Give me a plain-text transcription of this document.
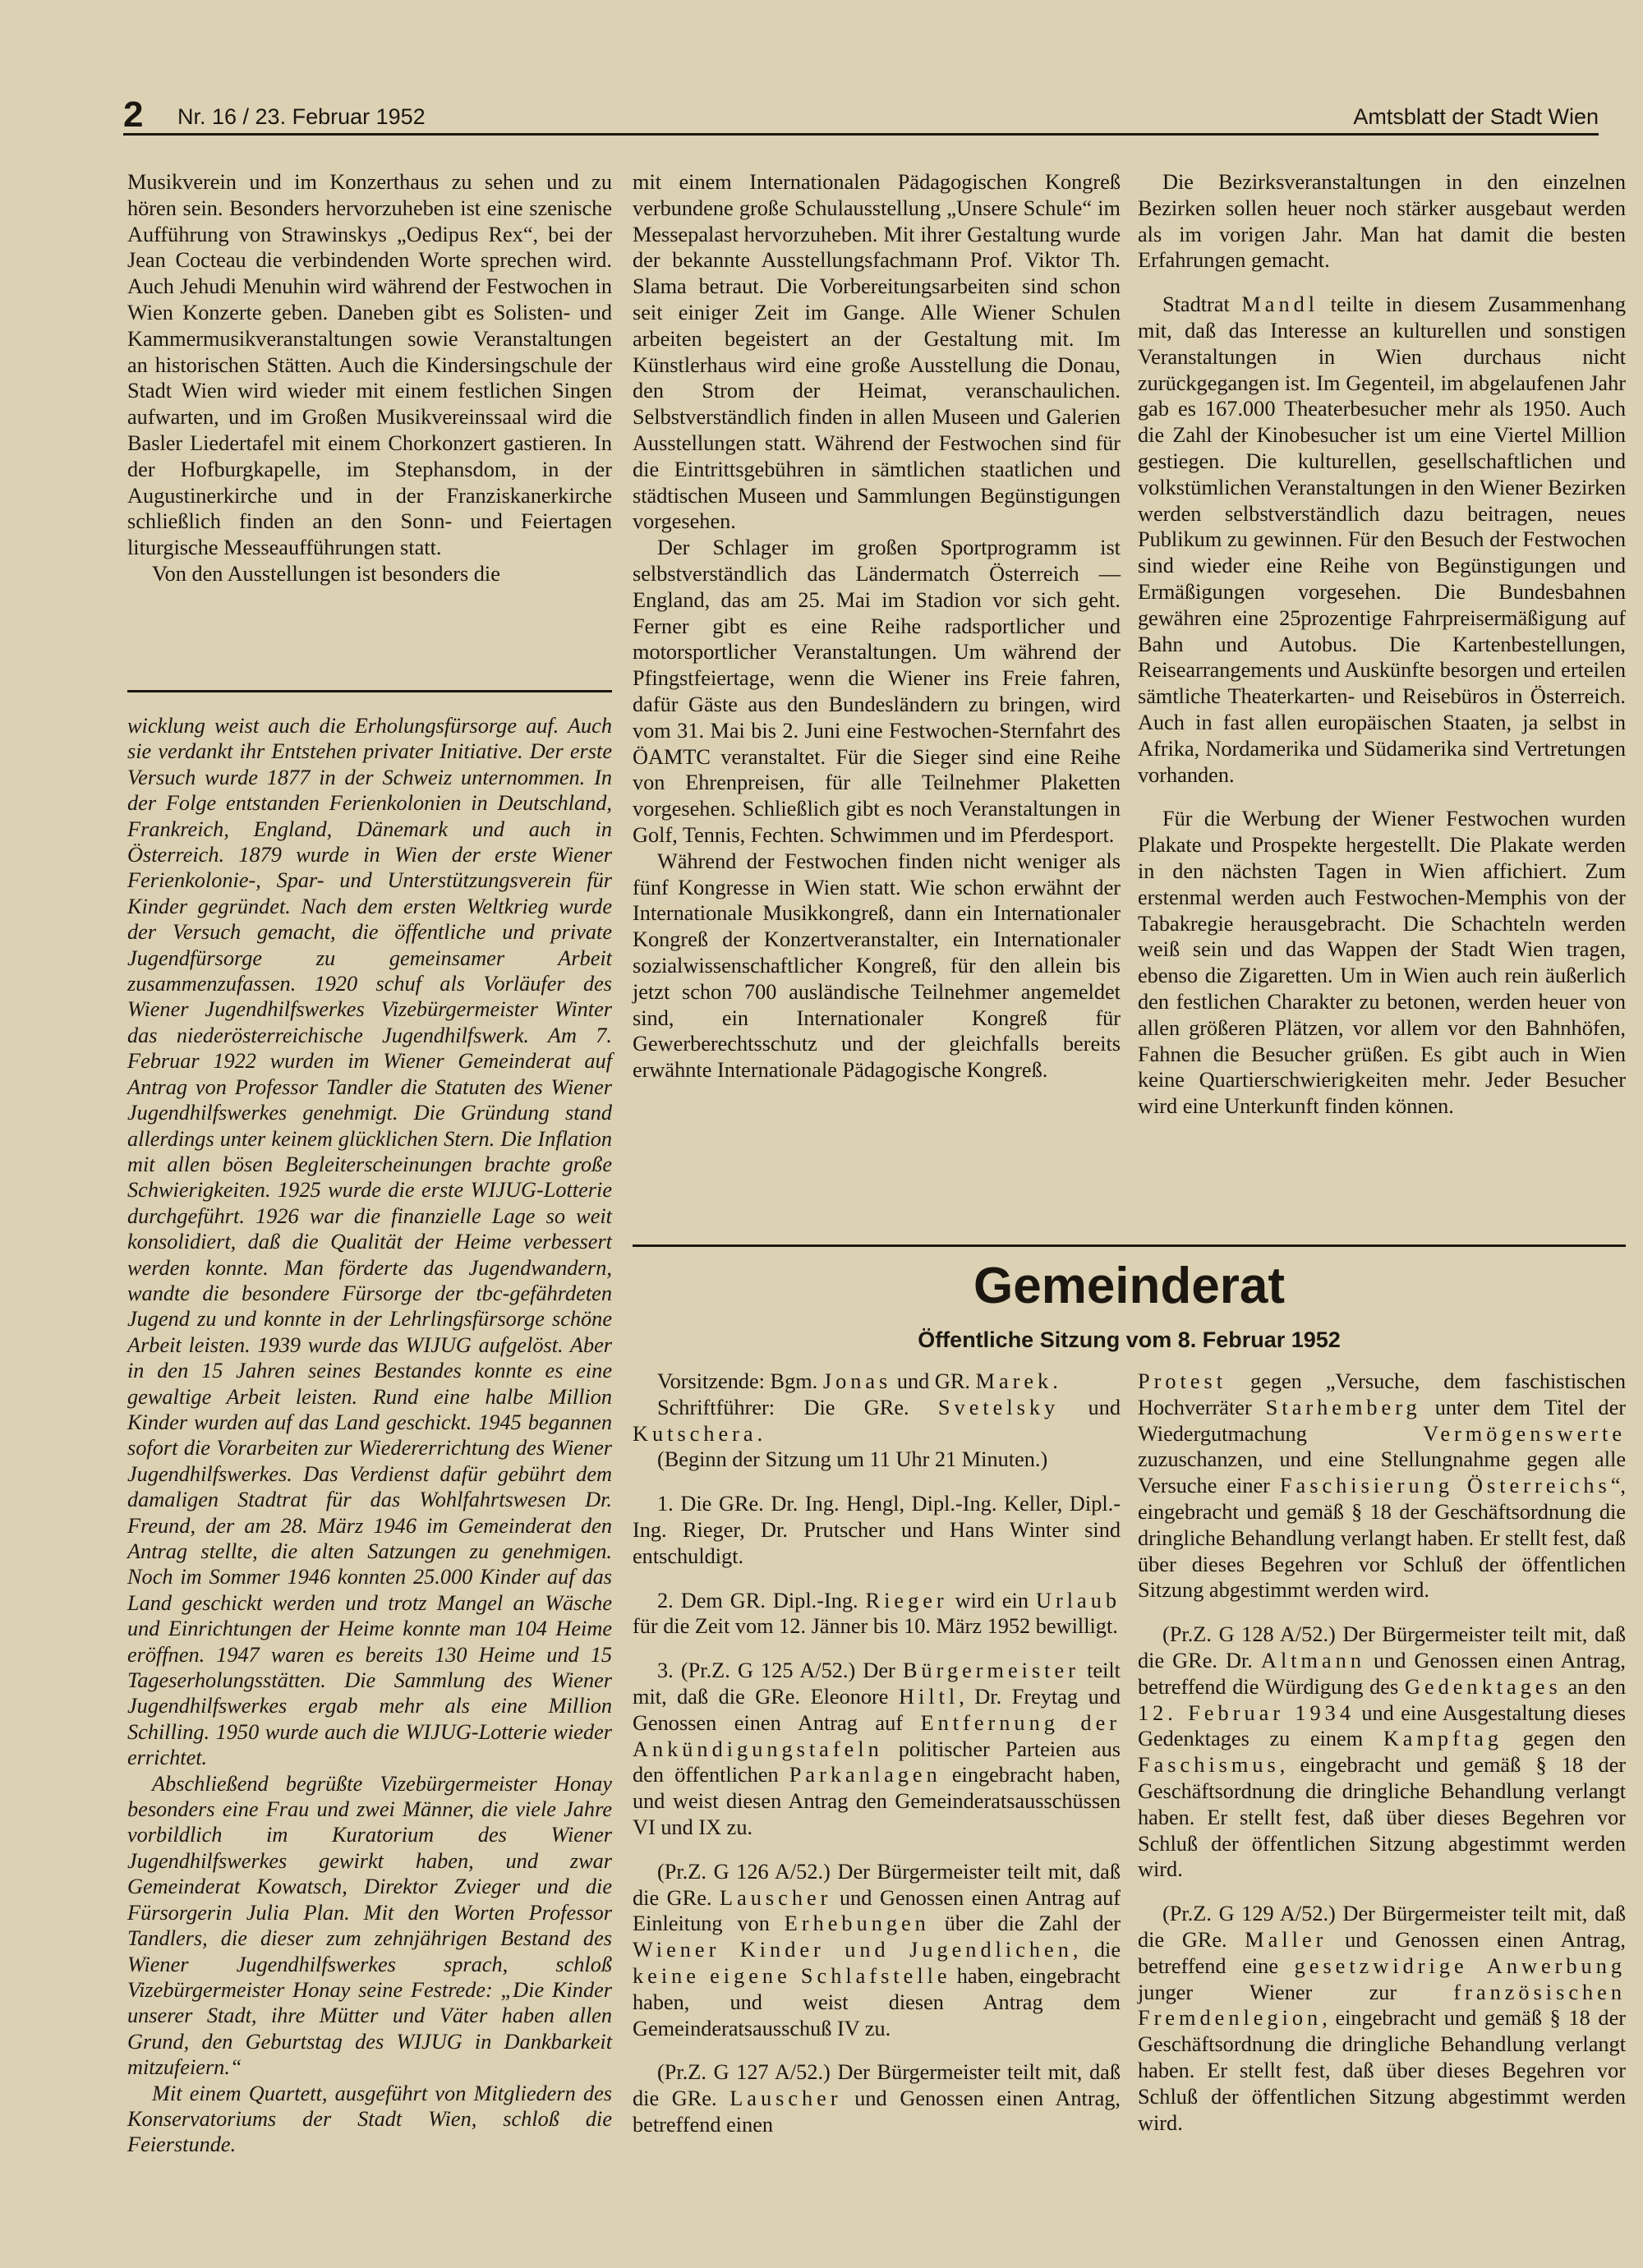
2 Nr. 16 / 23. Februar 1952	Amtsblatt der Stadt Wien

Musikverein und im Konzerthaus zu sehen und zu hören sein. Besonders hervorzuheben ist eine szenische Aufführung von Strawinskys „Oedipus Rex“, bei der Jean Cocteau die verbindenden Worte sprechen wird. Auch Jehudi Menuhin wird während der Festwochen in Wien Konzerte geben. Daneben gibt es Solisten- und Kammermusikveranstaltungen sowie Veranstaltungen an historischen Stätten. Auch die Kindersingschule der Stadt Wien wird wieder mit einem festlichen Singen aufwarten, und im Großen Musikvereinssaal wird die Basler Liedertafel mit einem Chorkonzert gastieren. In der Hofburgkapelle, im Stephansdom, in der Augustinerkirche und in der Franziskanerkirche schließlich finden an den Sonn- und Feiertagen liturgische Messeaufführungen statt.

Von den Ausstellungen ist besonders die

wicklung weist auch die Erholungsfürsorge auf. Auch sie verdankt ihr Entstehen privater Initiative. Der erste Versuch wurde 1877 in der Schweiz unternommen. In der Folge entstanden Ferienkolonien in Deutschland, Frankreich, England, Dänemark und auch in Österreich. 1879 wurde in Wien der erste Wiener Ferienkolonie-, Spar- und Unterstützungsverein für Kinder gegründet. Nach dem ersten Weltkrieg wurde der Versuch gemacht, die öffentliche und private Jugendfürsorge zu gemeinsamer Arbeit zusammenzufassen. 1920 schuf als Vorläufer des Wiener Jugendhilfswerkes Vizebürgermeister Winter das niederösterreichische Jugendhilfswerk. Am 7. Februar 1922 wurden im Wiener Gemeinderat auf Antrag von Professor Tandler die Statuten des Wiener Jugendhilfswerkes genehmigt. Die Gründung stand allerdings unter keinem glücklichen Stern. Die Inflation mit allen bösen Begleiterscheinungen brachte große Schwierigkeiten. 1925 wurde die erste WIJUG-Lotterie durchgeführt. 1926 war die finanzielle Lage so weit konsolidiert, daß die Qualität der Heime verbessert werden konnte. Man förderte das Jugendwandern, wandte die besondere Fürsorge der tbc-gefährdeten Jugend zu und konnte in der Lehrlingsfürsorge schöne Arbeit leisten. 1939 wurde das WIJUG aufgelöst. Aber in den 15 Jahren seines Bestandes konnte es eine gewaltige Arbeit leisten. Rund eine halbe Million Kinder wurden auf das Land geschickt. 1945 begannen sofort die Vorarbeiten zur Wiedererrichtung des Wiener Jugendhilfswerkes. Das Verdienst dafür gebührt dem damaligen Stadtrat für das Wohlfahrtswesen Dr. Freund, der am 28. März 1946 im Gemeinderat den Antrag stellte, die alten Satzungen zu genehmigen. Noch im Sommer 1946 konnten 25.000 Kinder auf das Land geschickt werden und trotz Mangel an Wäsche und Einrichtungen der Heime konnte man 104 Heime eröffnen. 1947 waren es bereits 130 Heime und 15 Tageserholungsstätten. Die Sammlung des Wiener Jugendhilfswerkes ergab mehr als eine Million Schilling. 1950 wurde auch die WIJUG-Lotterie wieder errichtet.

Abschließend begrüßte Vizebürgermeister Honay besonders eine Frau und zwei Männer, die viele Jahre vorbildlich im Kuratorium des Wiener Jugendhilfswerkes gewirkt haben, und zwar Gemeinderat Kowatsch, Direktor Zvieger und die Fürsorgerin Julia Plan. Mit den Worten Professor Tandlers, die dieser zum zehnjährigen Bestand des Wiener Jugendhilfswerkes sprach, schloß Vizebürgermeister Honay seine Festrede: „Die Kinder unserer Stadt, ihre Mütter und Väter haben allen Grund, den Geburtstag des WIJUG in Dankbarkeit mitzufeiern.“

Mit einem Quartett, ausgeführt von Mitgliedern des Konservatoriums der Stadt Wien, schloß die Feierstunde.

mit einem Internationalen Pädagogischen Kongreß verbundene große Schulausstellung „Unsere Schule“ im Messepalast hervorzuheben. Mit ihrer Gestaltung wurde der bekannte Ausstellungsfachmann Prof. Viktor Th. Slama betraut. Die Vorbereitungsarbeiten sind schon seit einiger Zeit im Gange. Alle Wiener Schulen arbeiten begeistert an der Gestaltung mit. Im Künstlerhaus wird eine große Ausstellung die Donau, den Strom der Heimat, veranschaulichen. Selbstverständlich finden in allen Museen und Galerien Ausstellungen statt. Während der Festwochen sind für die Eintrittsgebühren in sämtlichen staatlichen und städtischen Museen und Sammlungen Begünstigungen vorgesehen.

Der Schlager im großen Sportprogramm ist selbstverständlich das Ländermatch Österreich — England, das am 25. Mai im Stadion vor sich geht. Ferner gibt es eine Reihe radsportlicher und motorsportlicher Veranstaltungen. Um während der Pfingstfeiertage, wenn die Wiener ins Freie fahren, dafür Gäste aus den Bundesländern zu bringen, wird vom 31. Mai bis 2. Juni eine Festwochen-Sternfahrt des ÖAMTC veranstaltet. Für die Sieger sind eine Reihe von Ehrenpreisen, für alle Teilnehmer Plaketten vorgesehen. Schließlich gibt es noch Veranstaltungen in Golf, Tennis, Fechten. Schwimmen und im Pferdesport.

Während der Festwochen finden nicht weniger als fünf Kongresse in Wien statt. Wie schon erwähnt der Internationale Musikkongreß, dann ein Internationaler Kongreß der Konzertveranstalter, ein Internationaler sozialwissenschaftlicher Kongreß, für den allein bis jetzt schon 700 ausländische Teilnehmer angemeldet sind, ein Internationaler Kongreß für Gewerberechtsschutz und der gleichfalls bereits erwähnte Internationale Pädagogische Kongreß.

Die Bezirksveranstaltungen in den einzelnen Bezirken sollen heuer noch stärker ausgebaut werden als im vorigen Jahr. Man hat damit die besten Erfahrungen gemacht.

Stadtrat Mandl teilte in diesem Zusammenhang mit, daß das Interesse an kulturellen und sonstigen Veranstaltungen in Wien durchaus nicht zurückgegangen ist. Im Gegenteil, im abgelaufenen Jahr gab es 167.000 Theaterbesucher mehr als 1950. Auch die Zahl der Kinobesucher ist um eine Viertel Million gestiegen. Die kulturellen, gesellschaftlichen und volkstümlichen Veranstaltungen in den Wiener Bezirken werden selbstverständlich dazu beitragen, neues Publikum zu gewinnen. Für den Besuch der Festwochen sind wieder eine Reihe von Begünstigungen und Ermäßigungen vorgesehen. Die Bundesbahnen gewähren eine 25prozentige Fahrpreisermäßigung auf Bahn und Autobus. Die Kartenbestellungen, Reisearrangements und Auskünfte besorgen und erteilen sämtliche Theaterkarten- und Reisebüros in Österreich. Auch in fast allen europäischen Staaten, ja selbst in Afrika, Nordamerika und Südamerika sind Vertretungen vorhanden.

Für die Werbung der Wiener Festwochen wurden Plakate und Prospekte hergestellt. Die Plakate werden in den nächsten Tagen in Wien affichiert. Zum erstenmal werden auch Festwochen-Memphis von der Tabakregie herausgebracht. Die Schachteln werden weiß sein und das Wappen der Stadt Wien tragen, ebenso die Zigaretten. Um in Wien auch rein äußerlich den festlichen Charakter zu betonen, werden heuer von allen größeren Plätzen, vor allem vor den Bahnhöfen, Fahnen die Besucher grüßen. Es gibt auch in Wien keine Quartierschwierigkeiten mehr. Jeder Besucher wird eine Unterkunft finden können.

Gemeinderat
Öffentliche Sitzung vom 8. Februar 1952

Vorsitzende: Bgm. Jonas und GR. Marek.

Schriftführer: Die GRe. Svetelsky und Kutschera.

(Beginn der Sitzung um 11 Uhr 21 Minuten.)

1. Die GRe. Dr. Ing. Hengl, Dipl.-Ing. Keller, Dipl.-Ing. Rieger, Dr. Prutscher und Hans Winter sind entschuldigt.

2. Dem GR. Dipl.-Ing. Rieger wird ein Urlaub für die Zeit vom 12. Jänner bis 10. März 1952 bewilligt.

3. (Pr.Z. G 125 A/52.) Der Bürgermeister teilt mit, daß die GRe. Eleonore Hiltl, Dr. Freytag und Genossen einen Antrag auf Entfernung der Ankündigungstafeln politischer Parteien aus den öffentlichen Parkanlagen eingebracht haben, und weist diesen Antrag den Gemeinderatsausschüssen VI und IX zu.

(Pr.Z. G 126 A/52.) Der Bürgermeister teilt mit, daß die GRe. Lauscher und Genossen einen Antrag auf Einleitung von Erhebungen über die Zahl der Wiener Kinder und Jugendlichen, die keine eigene Schlafstelle haben, eingebracht haben, und weist diesen Antrag dem Gemeinderatsausschuß IV zu.

(Pr.Z. G 127 A/52.) Der Bürgermeister teilt mit, daß die GRe. Lauscher und Genossen einen Antrag, betreffend einen

Protest gegen „Versuche, dem faschistischen Hochverräter Starhemberg unter dem Titel der Wiedergutmachung Vermögenswerte zuzuschanzen, und eine Stellungnahme gegen alle Versuche einer Faschisierung Österreichs“, eingebracht und gemäß § 18 der Geschäftsordnung die dringliche Behandlung verlangt haben. Er stellt fest, daß über dieses Begehren vor Schluß der öffentlichen Sitzung abgestimmt werden wird.

(Pr.Z. G 128 A/52.) Der Bürgermeister teilt mit, daß die GRe. Dr. Altmann und Genossen einen Antrag, betreffend die Würdigung des Gedenktages an den 12. Februar 1934 und eine Ausgestaltung dieses Gedenktages zu einem Kampftag gegen den Faschismus, eingebracht und gemäß § 18 der Geschäftsordnung die dringliche Behandlung verlangt haben. Er stellt fest, daß über dieses Begehren vor Schluß der öffentlichen Sitzung abgestimmt werden wird.

(Pr.Z. G 129 A/52.) Der Bürgermeister teilt mit, daß die GRe. Maller und Genossen einen Antrag, betreffend eine gesetzwidrige Anwerbung junger Wiener zur französischen Fremdenlegion, eingebracht und gemäß § 18 der Geschäftsordnung die dringliche Behandlung verlangt haben. Er stellt fest, daß über dieses Begehren vor Schluß der öffentlichen Sitzung abgestimmt werden wird.
